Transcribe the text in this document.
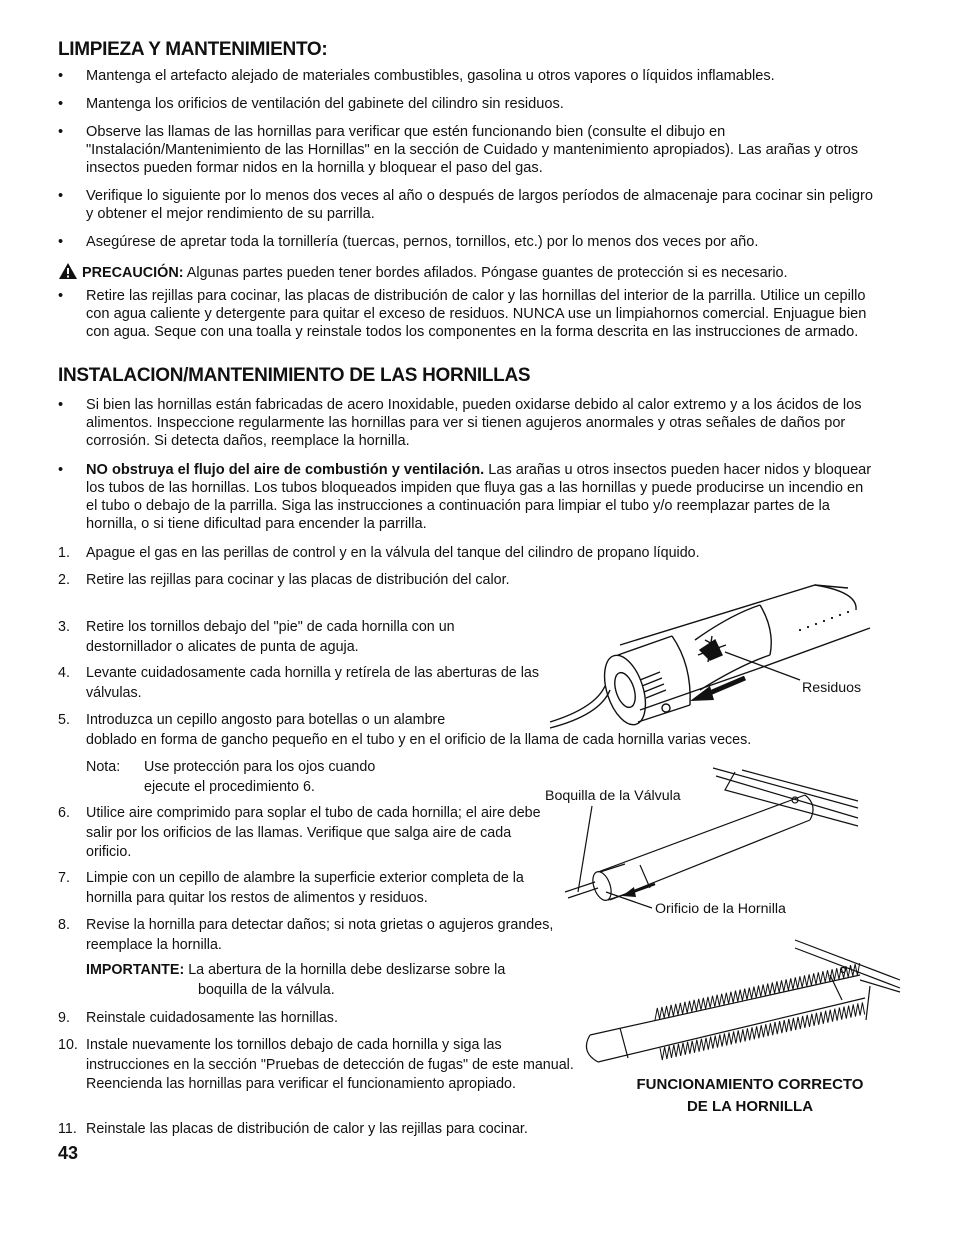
LIMPIEZA Y MANTENIMIENTO:
• Mantenga el artefacto alejado de materiales combustibles, gasolina u otros vapores o líquidos inflamables.
• Mantenga los orificios de ventilación del gabinete del cilindro sin residuos.
• Observe las llamas de las hornillas para verificar que estén funcionando bien (consulte el dibujo en "Instalación/Mantenimiento de las Hornillas" en la sección de Cuidado y mantenimiento apropiados). Las arañas y otros insectos pueden formar nidos en la hornilla y bloquear el paso del gas.
• Verifique lo siguiente por lo menos dos veces al año o después de largos períodos de almacenaje para cocinar sin peligro y obtener el mejor rendimiento de su parrilla.
• Asegúrese de apretar toda la tornillería (tuercas, pernos, tornillos, etc.) por lo menos dos veces por año.
PRECAUCIÓN: Algunas partes pueden tener bordes afilados. Póngase guantes de protección si es necesario.
• Retire las rejillas para cocinar, las placas de distribución de calor y las hornillas del interior de la parrilla. Utilice un cepillo con agua caliente y detergente para quitar el exceso de residuos. NUNCA use un limpiahornos comercial. Enjuague bien con agua. Seque con una toalla y reinstale todos los componentes en la forma descrita en las instrucciones de armado.
INSTALACION/MANTENIMIENTO DE LAS HORNILLAS
• Si bien las hornillas están fabricadas de acero Inoxidable, pueden oxidarse debido al calor extremo y a los ácidos de los alimentos. Inspeccione regularmente las hornillas para ver si tienen agujeros anormales y otras señales de daños por corrosión. Si detecta daños, reemplace la hornilla.
• NO obstruya el flujo del aire de combustión y ventilación. Las arañas u otros insectos pueden hacer nidos y bloquear los tubos de las hornillas. Los tubos bloqueados impiden que fluya gas a las hornillas y puede producirse un incendio en el tubo o debajo de la parrilla. Siga las instrucciones a continuación para limpiar el tubo y/o reemplazar partes de la hornilla, o si tiene dificultad para encender la parrilla.
1. Apague el gas en las perillas de control y en la válvula del tanque del cilindro de propano líquido.
2. Retire las rejillas para cocinar y las placas de distribución del calor.
3. Retire los tornillos debajo del "pie" de cada hornilla con un destornillador o alicates de punta de aguja.
4. Levante cuidadosamente cada hornilla y retírela de las aberturas de las válvulas.
5. Introduzca un cepillo angosto para botellas o un alambre
doblado en forma de gancho pequeño en el tubo y en el orificio de la llama de cada hornilla varias veces.
Nota: Use protección para los ojos cuando
ejecute el procedimiento 6.
6. Utilice aire comprimido para soplar el tubo de cada hornilla; el aire debe salir por los orificios de las llamas. Verifique que salga aire de cada orificio.
7. Limpie con un cepillo de alambre la superficie exterior completa de la hornilla para quitar los restos de alimentos y residuos.
8. Revise la hornilla para detectar daños; si nota grietas o agujeros grandes, reemplace la hornilla.
IMPORTANTE: La abertura de la hornilla debe deslizarse sobre la
boquilla de la válvula.
9. Reinstale cuidadosamente las hornillas.
10. Instale nuevamente los tornillos debajo de cada hornilla y siga las instrucciones en la sección "Pruebas de detección de fugas" de este manual. Reencienda las hornillas para verificar el funcionamiento apropiado.
11. Reinstale las placas de distribución de calor y las rejillas para cocinar.
43
Residuos
Boquilla de la Válvula
Orificio de la Hornilla
FUNCIONAMIENTO CORRECTO
DE LA HORNILLA
